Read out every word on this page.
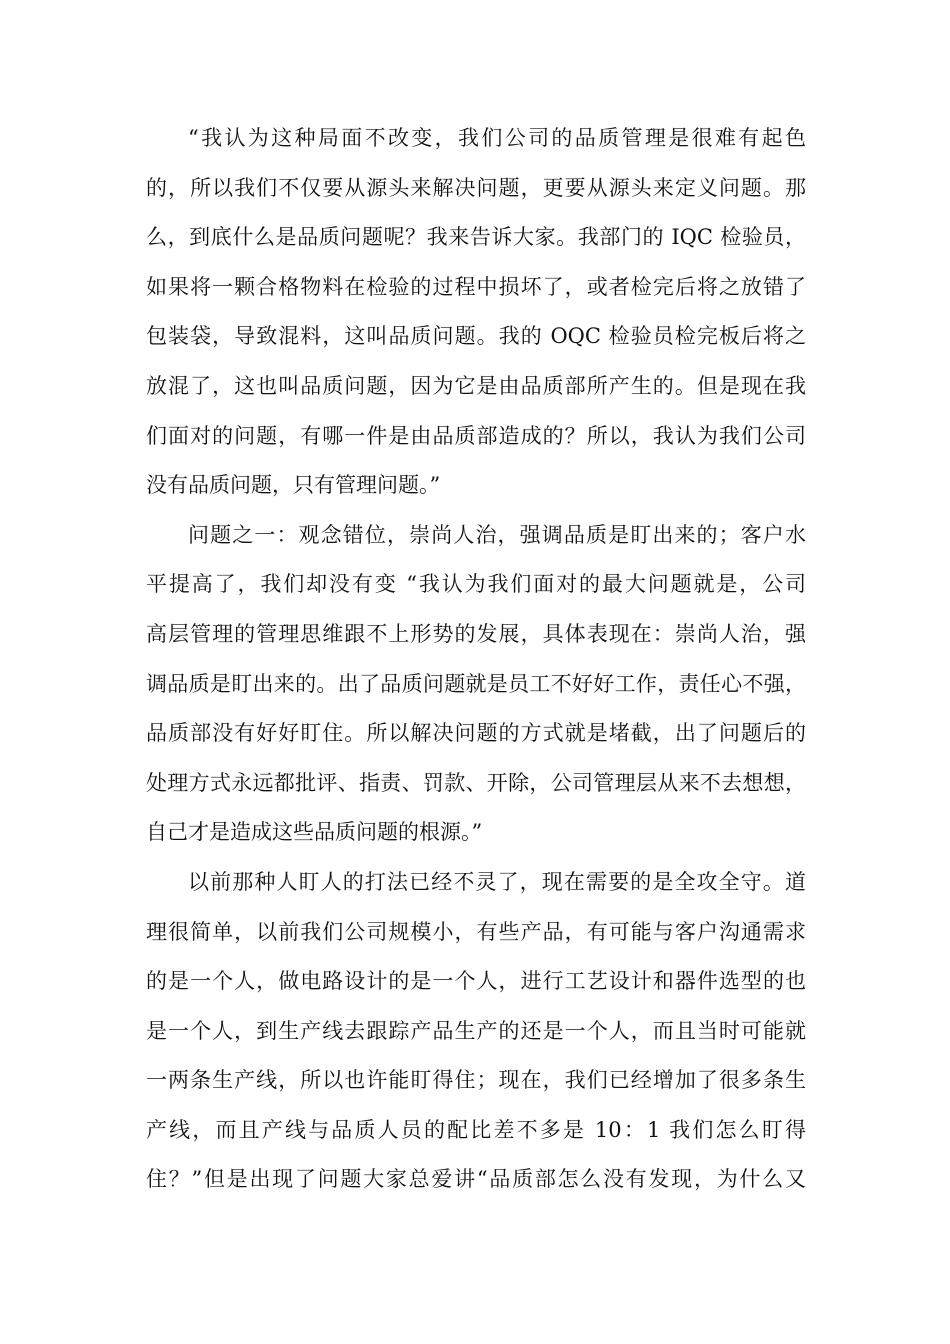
“我认为这种局面不改变，我们公司的品质管理是很难有起色
的，所以我们不仅要从源头来解决问题，更要从源头来定义问题。那
么，到底什么是品质问题呢？我来告诉大家。我部门的 IQC 检验员，
如果将一颗合格物料在检验的过程中损坏了，或者检完后将之放错了
包装袋，导致混料，这叫品质问题。我的 OQC 检验员检完板后将之
放混了，这也叫品质问题，因为它是由品质部所产生的。但是现在我
们面对的问题，有哪一件是由品质部造成的？所以，我认为我们公司
没有品质问题，只有管理问题。”
问题之一：观念错位，崇尚人治，强调品质是盯出来的；客户水
平提高了，我们却没有变 “我认为我们面对的最大问题就是，公司
高层管理的管理思维跟不上形势的发展，具体表现在：崇尚人治，强
调品质是盯出来的。出了品质问题就是员工不好好工作，责任心不强，
品质部没有好好盯住。所以解决问题的方式就是堵截，出了问题后的
处理方式永远都批评、指责、罚款、开除，公司管理层从来不去想想，
自己才是造成这些品质问题的根源。”
以前那种人盯人的打法已经不灵了，现在需要的是全攻全守。道
理很简单，以前我们公司规模小，有些产品，有可能与客户沟通需求
的是一个人，做电路设计的是一个人，进行工艺设计和器件选型的也
是一个人，到生产线去跟踪产品生产的还是一个人，而且当时可能就
一两条生产线，所以也许能盯得住；现在，我们已经增加了很多条生
产线，而且产线与品质人员的配比差不多是 10：1 我们怎么盯得
住？”但是出现了问题大家总爱讲“品质部怎么没有发现，为什么又
